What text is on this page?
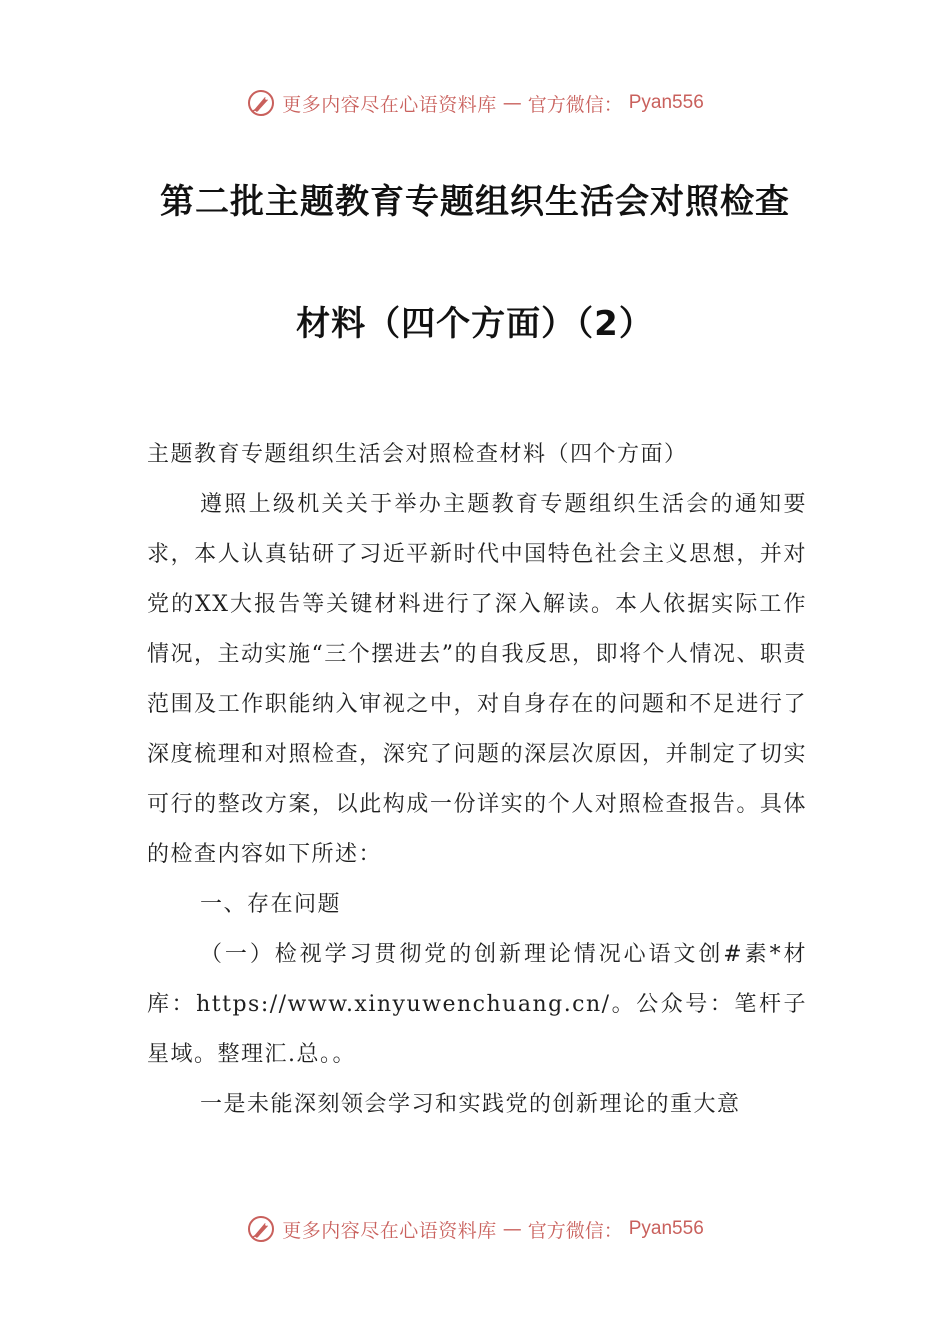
更多内容尽在心语资料库 — 官方微信： Pyan556
第二批主题教育专题组织生活会对照检查
材料（四个方面）（2）

主题教育专题组织生活会对照检查材料（四个方面）

遵照上级机关关于举办主题教育专题组织生活会的通知要求，本人认真钻研了习近平新时代中国特色社会主义思想，并对党的XX大报告等关键材料进行了深入解读。本人依据实际工作情况，主动实施“三个摆进去”的自我反思，即将个人情况、职责范围及工作职能纳入审视之中，对自身存在的问题和不足进行了深度梳理和对照检查，深究了问题的深层次原因，并制定了切实可行的整改方案，以此构成一份详实的个人对照检查报告。具体的检查内容如下所述：

一、存在问题

（一）检视学习贯彻党的创新理论情况心语文创#素*材库：https://www.xinyuwenchuang.cn/。公众号：笔杆子星域。整理汇.总。。

一是未能深刻领会学习和实践党的创新理论的重大意

更多内容尽在心语资料库 — 官方微信： Pyan556
